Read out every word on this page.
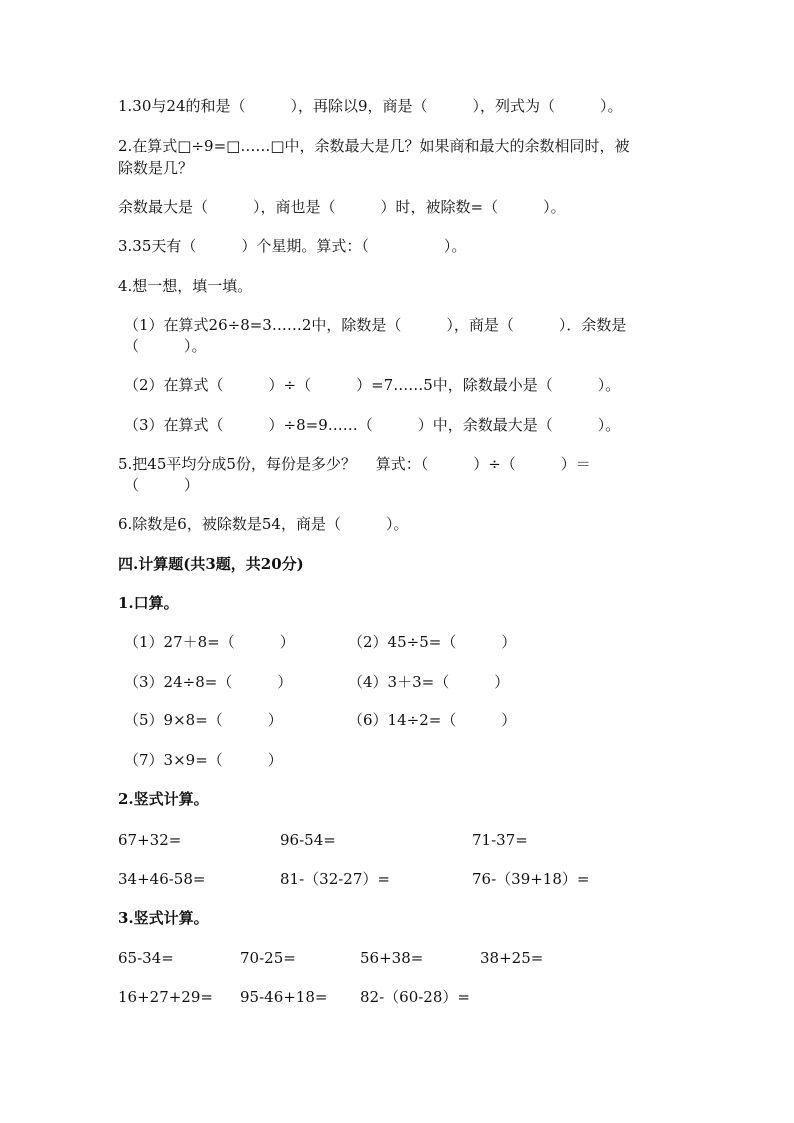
1.30与24的和是（　　　），再除以9，商是（　　　），列式为（　　　）。
2.在算式□÷9=□……□中，余数最大是几？如果商和最大的余数相同时，被
除数是几？
余数最大是（　　　），商也是（　　　）时，被除数=（　　　）。
3.35天有（　　　）个星期。算式：（　　　　　）。
4.想一想，填一填。
（1）在算式26÷8=3……2中，除数是（　　　），商是（　　　）．余数是
（　　　）。
（2）在算式（　　　）÷（　　　）=7……5中，除数最小是（　　　）。
（3）在算式（　　　）÷8=9……（　　　）中，余数最大是（　　　）。
5.把45平均分成5份，每份是多少？　 算式：（　　　）÷（　　　）＝
（　　　）
6.除数是6，被除数是54，商是（　　　）。
四.计算题(共3题，共20分)
1.口算。
（1）27＋8=（　　　）	（2）45÷5=（　　　）
（3）24÷8=（　　　）	（4）3＋3=（　　　）
（5）9×8=（　　　）	（6）14÷2=（　　　）
（7）3×9=（　　　）
2.竖式计算。
67+32=	96-54=	71-37=
34+46-58=	81-（32-27）=	76-（39+18）=
3.竖式计算。
65-34=	70-25=	56+38=	38+25=
16+27+29= 95-46+18= 82-（60-28）=
